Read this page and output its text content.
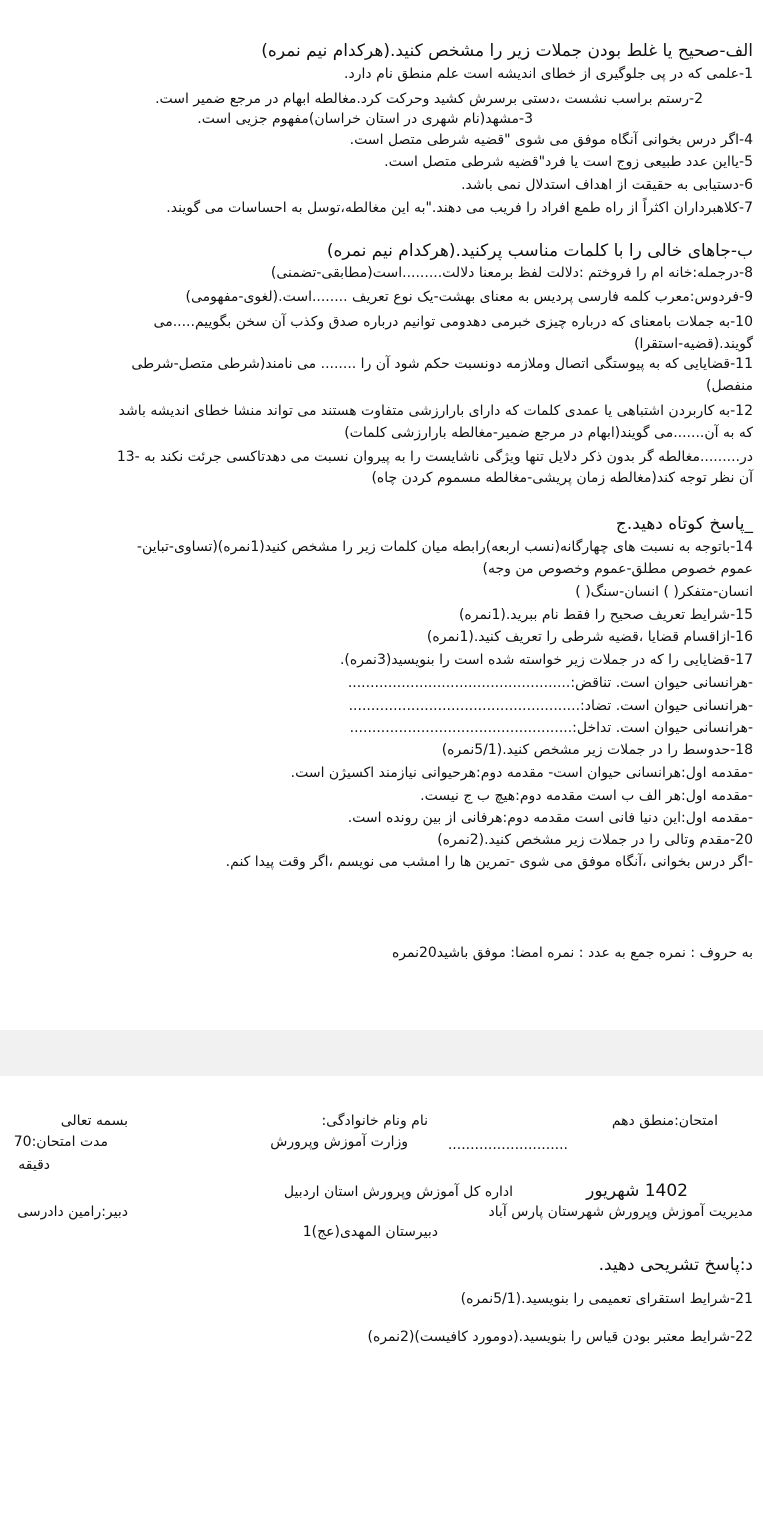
الف-صحیح یا غلط بودن جملات زیر را مشخص کنید.(هرکدام نیم نمره)
1-علمی که در پی جلوگیری از خطای اندیشه است علم منطق نام دارد.
2-رستم براسب نشست ،دستی برسرش کشید وحرکت کرد.مغالطه ابهام در مرجع ضمیر است.
3-مشهد(نام شهری در استان خراسان)مفهوم جزیی است.
4-اگر درس بخوانی آنگاه موفق می شوی "قضیه شرطی متصل است.
5-یااین عدد طبیعی زوج است یا فرد"قضیه شرطی متصل است.
6-دستیابی به حقیقت از اهداف استدلال نمی باشد.
7-کلاهبرداران اکثراً از راه طمع افراد را فریب می دهند."به این مغالطه،توسل به احساسات می گویند.
ب-جاهای خالی را با کلمات مناسب پرکنید.(هرکدام نیم نمره)
8-درجمله:خانه ام را فروختم :دلالت لفظ برمعنا دلالت.........است(مطابقی-تضمنی)
9-فردوس:معرب کلمه فارسی پردیس به معنای بهشت-یک نوع تعریف ........است.(لغوی-مفهومی)
10-به جملات بامعنای که درباره چیزی خبرمی دهدومی توانیم درباره صدق وکذب آن سخن بگوییم.....می
گویند.(قضیه-استقرا)
11-قضایایی که به پیوستگی اتصال وملازمه دونسبت حکم شود آن را ........ می نامند(شرطی متصل-شرطی
منفصل)
12-به کاربردن اشتباهی یا عمدی کلمات که دارای بارارزشی متفاوت هستند می تواند منشا خطای اندیشه باشد
که به آن.......می گویند(ابهام در مرجع ضمیر-مغالطه بارارزشی کلمات)
در.........مغالطه گر بدون ذکر دلایل تنها ویژگی ناشایست را به پیروان نسبت می دهدتاکسی جرئت نکند به -13
آن نظر توجه کند(مغالطه زمان پریشی-مغالطه مسموم کردن چاه)
_پاسخ کوتاه دهید.ج
14-باتوجه به نسبت های چهارگانه(نسب اربعه)رابطه میان کلمات زیر را مشخص کنید(1نمره)(تساوی-تباین-
عموم خصوص مطلق-عموم وخصوص من وجه)
انسان-متفکر( ) انسان-سنگ( )
15-شرایط تعریف صحیح را فقط نام ببرید.(1نمره)
16-ازاقسام قضایا ،قضیه شرطی را تعریف کنید.(1نمره)
17-قضایایی را که در جملات زیر خواسته شده است را بنویسید(3نمره).
-هرانسانی حیوان است. تناقض:..................................................
-هرانسانی حیوان است. تضاد:....................................................
-هرانسانی حیوان است. تداخل:..................................................
18-حدوسط را در جملات زیر مشخص کنید.(5/1نمره)
-مقدمه اول:هرانسانی حیوان است- مقدمه دوم:هرحیوانی نیازمند اکسیژن است.
-مقدمه اول:هر الف ب است مقدمه دوم:هیچ ب ج نیست.
-مقدمه اول:این دنیا فانی است مقدمه دوم:هرفانی از بین رونده است.
20-مقدم وتالی را در جملات زیر مشخص کنید.(2نمره)
-اگر درس بخوانی ،آنگاه موفق می شوی -تمرین ها را امشب می نویسم ،اگر وقت پیدا کنم.
به حروف : نمره جمع به عدد : نمره امضا: موفق باشید20نمره
امتحان:منطق دهم
...........................
نام ونام خانوادگی:
وزارت آموزش وپرورش
بسمه تعالی
مدت امتحان:70
دقیقه
1402 شهریور
اداره کل آموزش وپرورش استان اردبیل
مدیریت آموزش وپرورش شهرستان پارس آباد
دبیر:رامین دادرسی
دبیرستان المهدی(عج)1
د:پاسخ تشریحی دهید.
21-شرایط استقرای تعمیمی را بنویسید.(5/1نمره)
22-شرایط معتبر بودن قیاس را بنویسید.(دومورد کافیست)(2نمره)
